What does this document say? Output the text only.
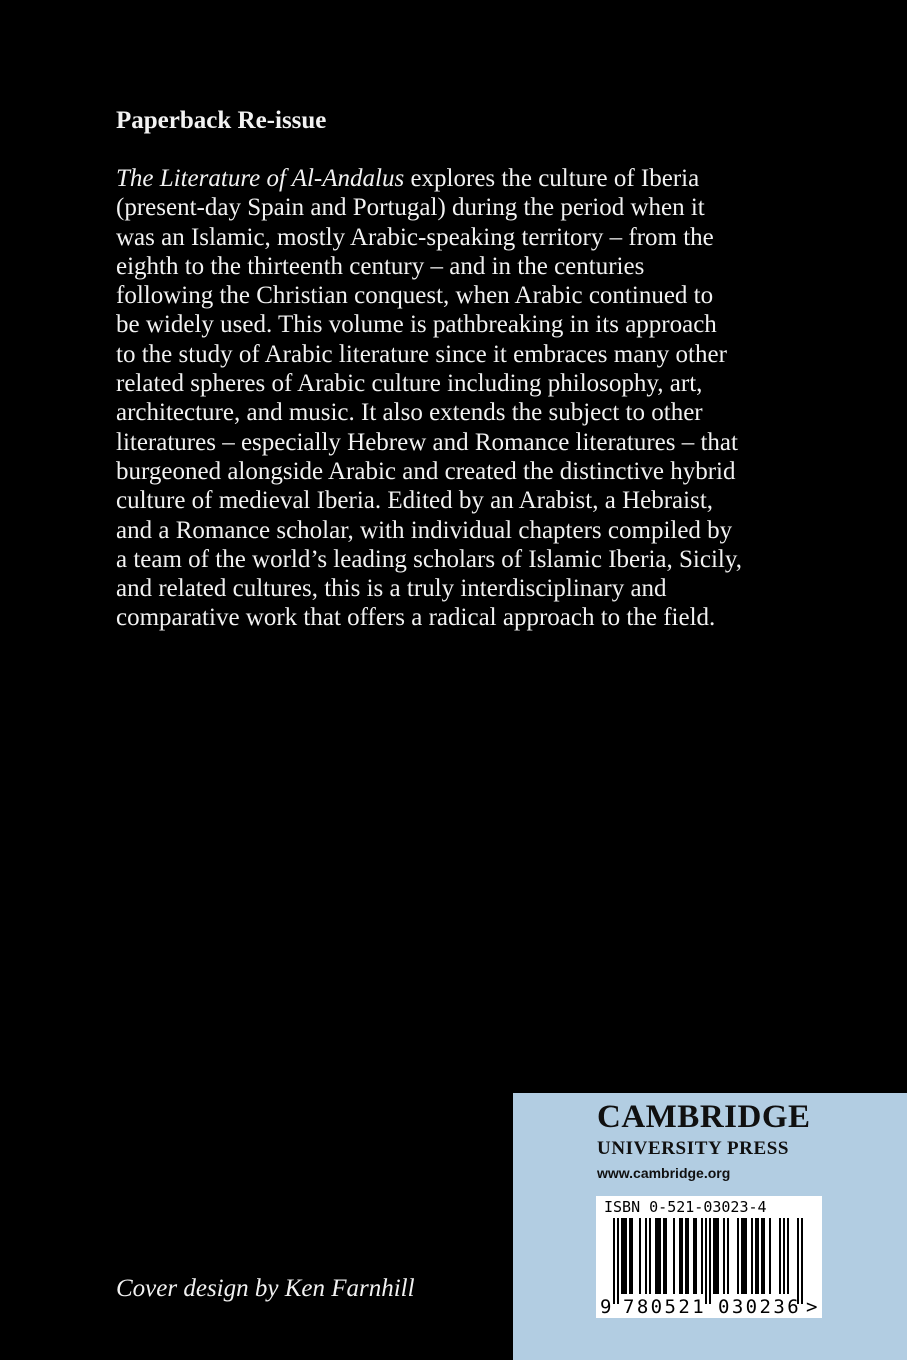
Paperback Re-issue
The Literature of Al-Andalus explores the culture of Iberia
(present-day Spain and Portugal) during the period when it
was an Islamic, mostly Arabic-speaking territory – from the
eighth to the thirteenth century – and in the centuries
following the Christian conquest, when Arabic continued to
be widely used. This volume is pathbreaking in its approach
to the study of Arabic literature since it embraces many other
related spheres of Arabic culture including philosophy, art,
architecture, and music. It also extends the subject to other
literatures – especially Hebrew and Romance literatures – that
burgeoned alongside Arabic and created the distinctive hybrid
culture of medieval Iberia. Edited by an Arabist, a Hebraist,
and a Romance scholar, with individual chapters compiled by
a team of the world’s leading scholars of Islamic Iberia, Sicily,
and related cultures, this is a truly interdisciplinary and
comparative work that offers a radical approach to the field.
Cover design by Ken Farnhill
CAMBRIDGE
UNIVERSITY PRESS
www.cambridge.org
ISBN 0-521-03023-4
9 780521 030236 >
